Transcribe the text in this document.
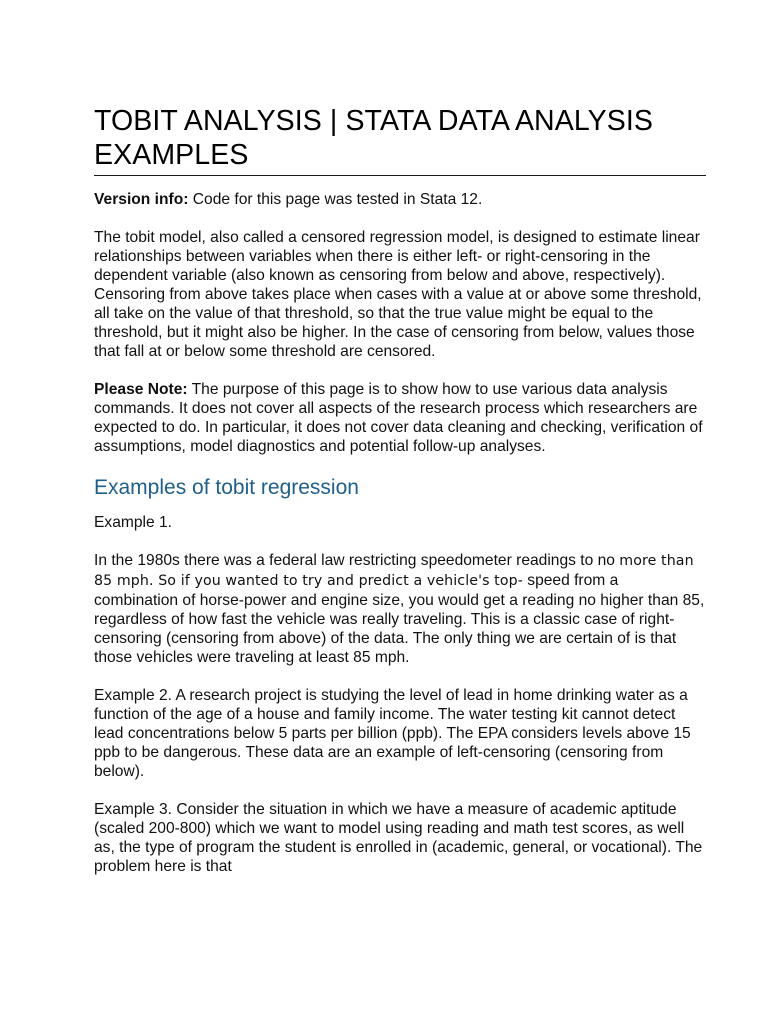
TOBIT ANALYSIS | STATA DATA ANALYSIS EXAMPLES

Version info: Code for this page was tested in Stata 12.

The tobit model, also called a censored regression model, is designed to estimate linear relationships between variables when there is either left- or right-censoring in the dependent variable (also known as censoring from below and above, respectively). Censoring from above takes place when cases with a value at or above some threshold, all take on the value of that threshold, so that the true value might be equal to the threshold, but it might also be higher. In the case of censoring from below, values those that fall at or below some threshold are censored.

Please Note: The purpose of this page is to show how to use various data analysis commands. It does not cover all aspects of the research process which researchers are expected to do. In particular, it does not cover data cleaning and checking, verification of assumptions, model diagnostics and potential follow-up analyses.

Examples of tobit regression

Example 1.

In the 1980s there was a federal law restricting speedometer readings to no more than 85 mph. So if you wanted to try and predict a vehicle's top- speed from a combination of horse-power and engine size, you would get a reading no higher than 85, regardless of how fast the vehicle was really traveling. This is a classic case of right-censoring (censoring from above) of the data. The only thing we are certain of is that those vehicles were traveling at least 85 mph.

Example 2. A research project is studying the level of lead in home drinking water as a function of the age of a house and family income. The water testing kit cannot detect lead concentrations below 5 parts per billion (ppb). The EPA considers levels above 15 ppb to be dangerous. These data are an example of left-censoring (censoring from below).

Example 3. Consider the situation in which we have a measure of academic aptitude (scaled 200-800) which we want to model using reading and math test scores, as well as, the type of program the student is enrolled in (academic, general, or vocational). The problem here is that
